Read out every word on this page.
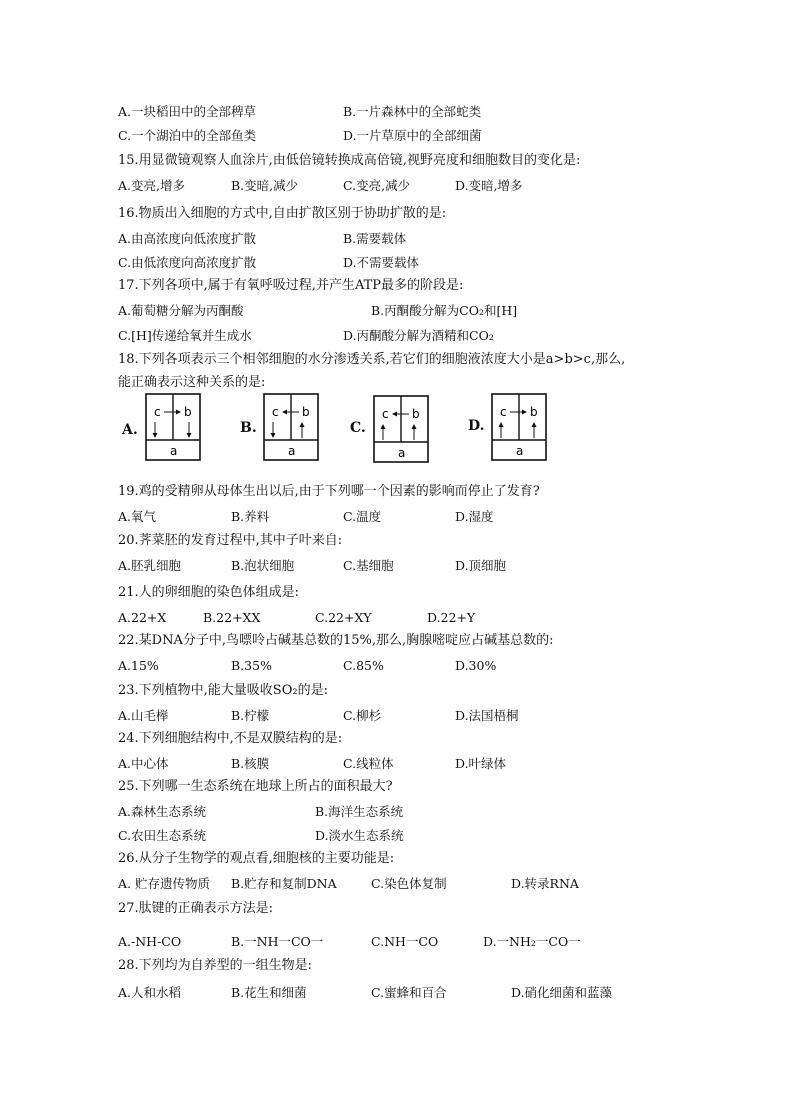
A.一块稻田中的全部稗草	B.一片森林中的全部蛇类
C.一个湖泊中的全部鱼类	D.一片草原中的全部细菌
15.用显微镜观察人血涂片,由低倍镜转换成高倍镜,视野亮度和细胞数目的变化是:
A.变亮,增多	B.变暗,减少	C.变亮,减少	D.变暗,增多
16.物质出入细胞的方式中,自由扩散区别于协助扩散的是:
A.由高浓度向低浓度扩散	B.需要载体
C.由低浓度向高浓度扩散	D.不需要载体
17.下列各项中,属于有氧呼吸过程,并产生ATP最多的阶段是:
A.葡萄糖分解为丙酮酸	B.丙酮酸分解为CO₂和[H]
C.[H]传递给氧并生成水	D.丙酮酸分解为酒精和CO₂
18.下列各项表示三个相邻细胞的水分渗透关系,若它们的细胞液浓度大小是a>b>c,那么,
能正确表示这种关系的是:
A.
c b
a
B.
c b
a
C.
c b
a
D.
c b
a
19.鸡的受精卵从母体生出以后,由于下列哪一个因素的影响而停止了发育?
A.氧气	B.养料	C.温度	D.湿度
20.荠菜胚的发育过程中,其中子叶来自:
A.胚乳细胞	B.泡状细胞	C.基细胞	D.顶细胞
21.人的卵细胞的染色体组成是:
A.22+X	B.22+XX	C.22+XY	D.22+Y
22.某DNA分子中,鸟嘌呤占碱基总数的15%,那么,胸腺嘧啶应占碱基总数的:
A.15%	B.35%	C.85%	D.30%
23.下列植物中,能大量吸收SO₂的是:
A.山毛榉	B.柠檬	C.柳杉	D.法国梧桐
24.下列细胞结构中,不是双膜结构的是:
A.中心体	B.核膜	C.线粒体	D.叶绿体
25.下列哪一生态系统在地球上所占的面积最大?
A.森林生态系统	B.海洋生态系统
C.农田生态系统	D.淡水生态系统
26.从分子生物学的观点看,细胞核的主要功能是:
A. 贮存遗传物质 B.贮存和复制DNA	C.染色体复制	D.转录RNA
27.肽键的正确表示方法是:
A.-NH-CO	B.一NH一CO一	C.NH一CO	D.一NH₂一CO一
28.下列均为自养型的一组生物是:
A.人和水稻	B.花生和细菌	C.蜜蜂和百合	D.硝化细菌和蓝藻
